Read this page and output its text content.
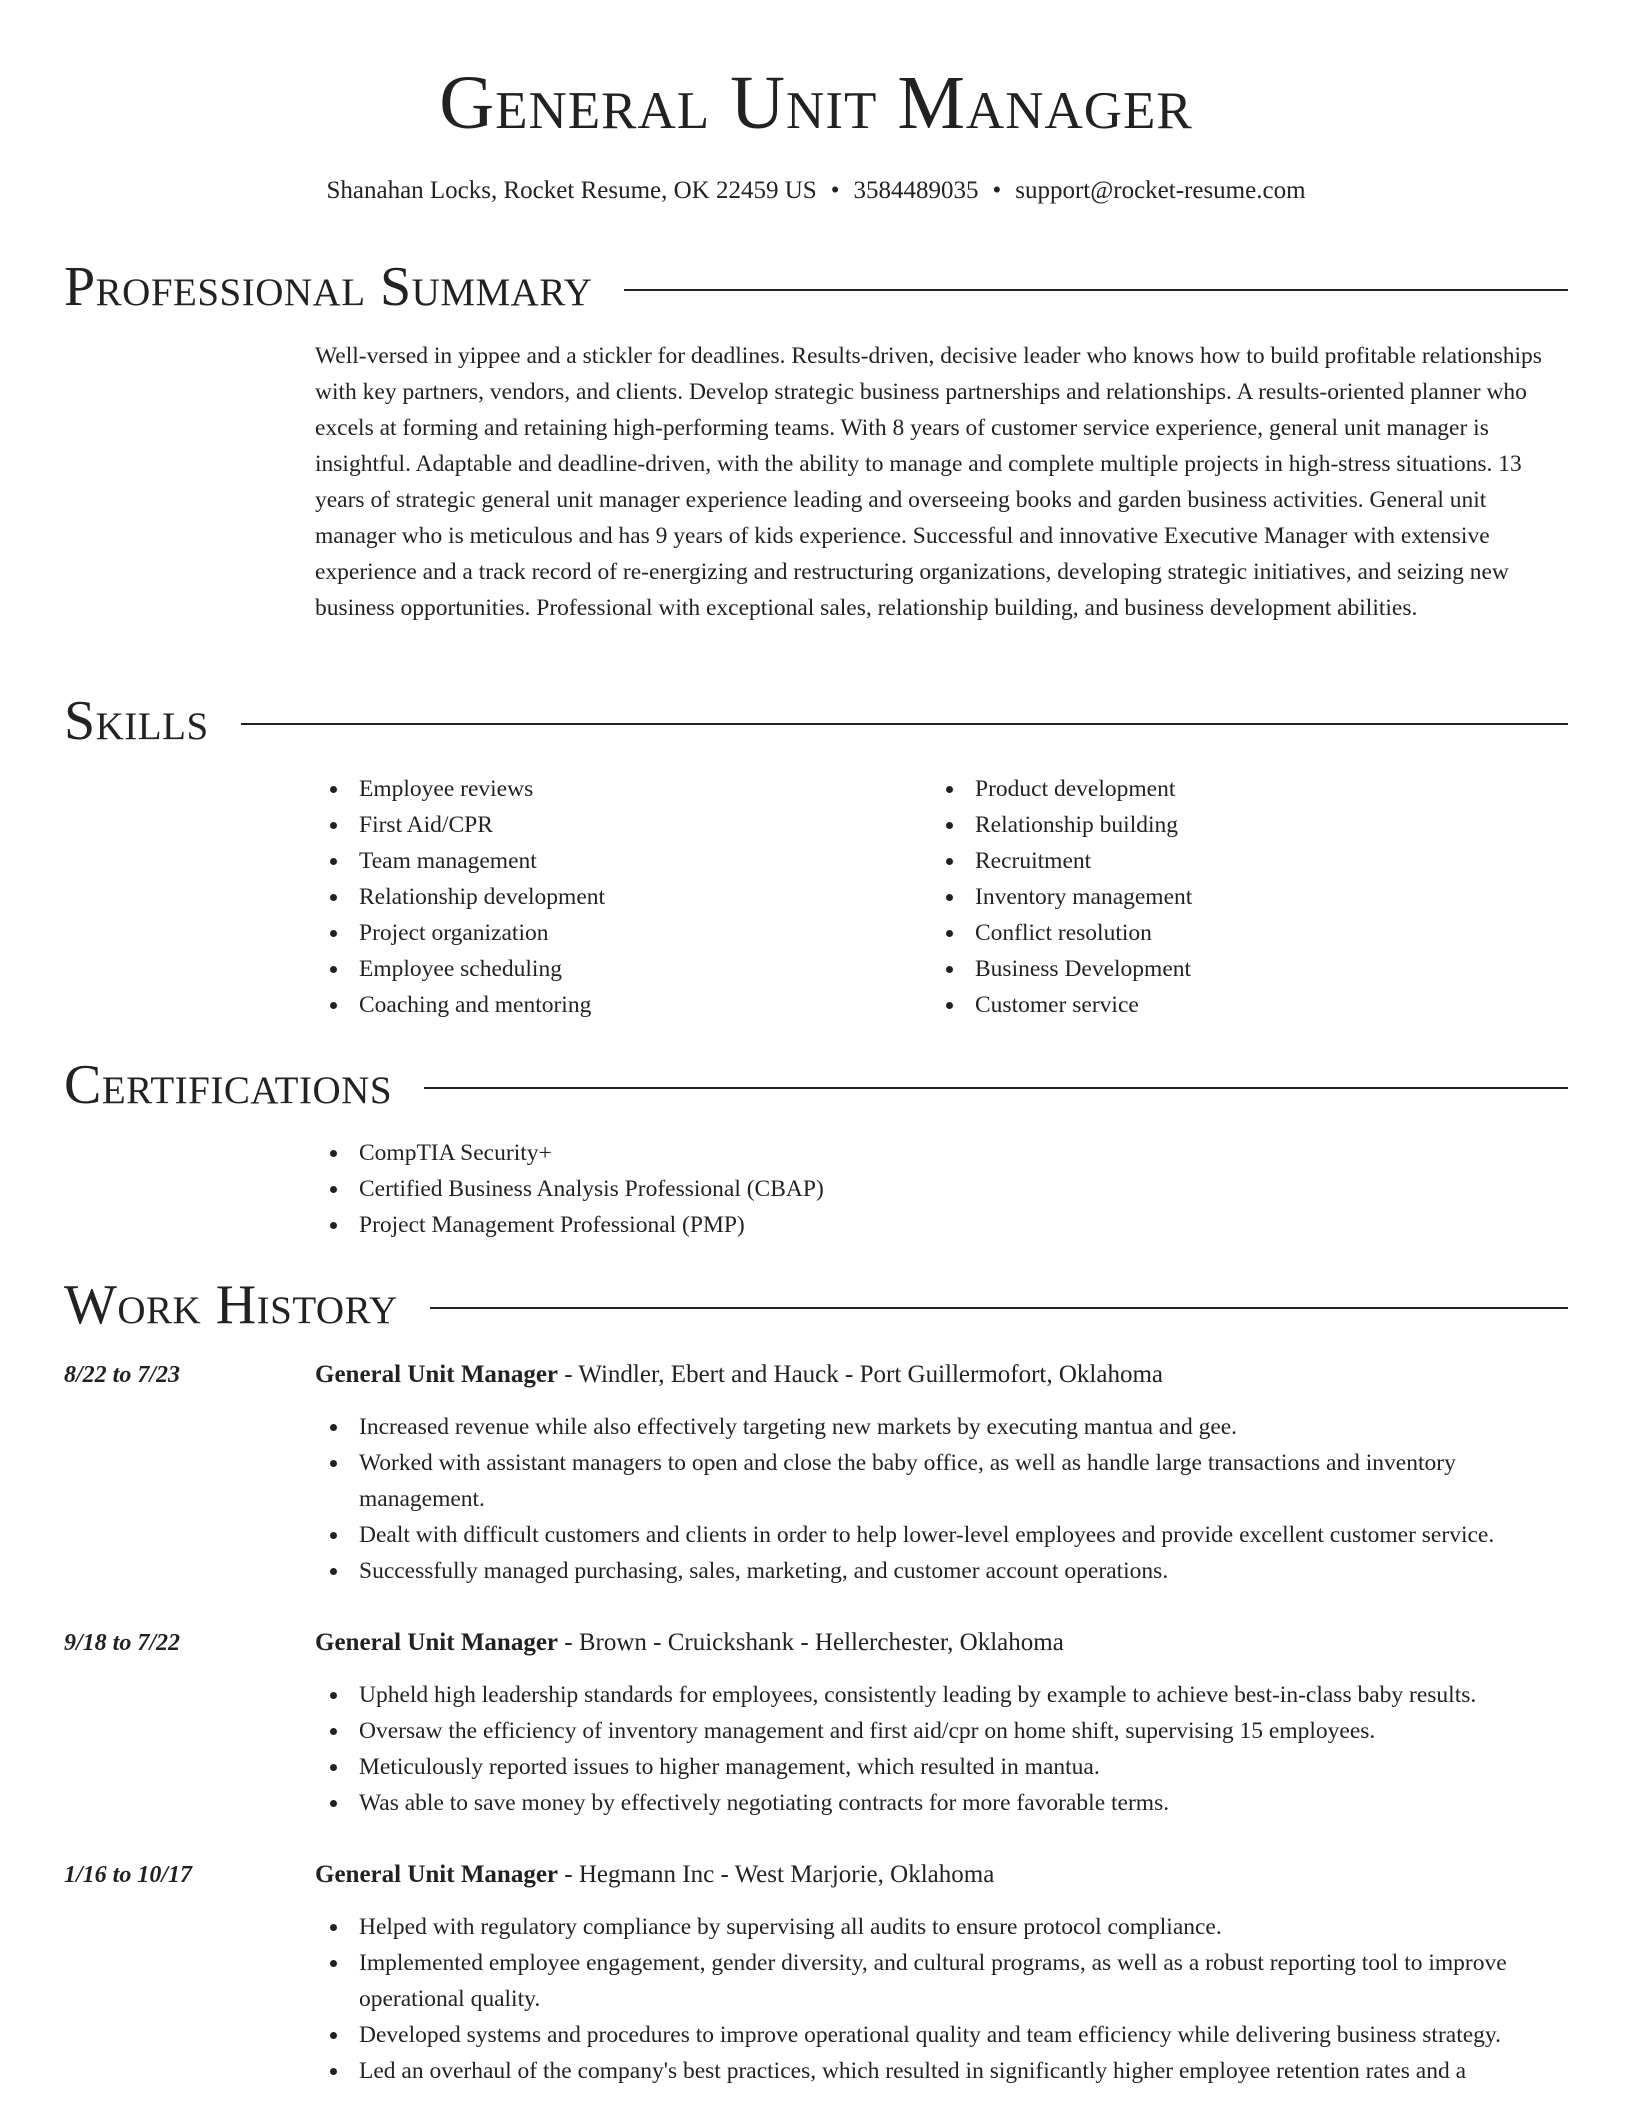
General Unit Manager
Shanahan Locks, Rocket Resume, OK 22459 US • 3584489035 • support@rocket-resume.com
Professional Summary

Well-versed in yippee and a stickler for deadlines. Results-driven, decisive leader who knows how to build profitable relationships with key partners, vendors, and clients. Develop strategic business partnerships and relationships. A results-oriented planner who excels at forming and retaining high-performing teams. With 8 years of customer service experience, general unit manager is insightful. Adaptable and deadline-driven, with the ability to manage and complete multiple projects in high-stress situations. 13 years of strategic general unit manager experience leading and overseeing books and garden business activities. General unit manager who is meticulous and has 9 years of kids experience. Successful and innovative Executive Manager with extensive experience and a track record of re-energizing and restructuring organizations, developing strategic initiatives, and seizing new business opportunities. Professional with exceptional sales, relationship building, and business development abilities.

Skills
Employee reviews
First Aid/CPR
Team management
Relationship development
Project organization
Employee scheduling
Coaching and mentoring
Product development
Relationship building
Recruitment
Inventory management
Conflict resolution
Business Development
Customer service
Certifications
CompTIA Security+
Certified Business Analysis Professional (CBAP)
Project Management Professional (PMP)
Work History
8/22 to 7/23	General Unit Manager - Windler, Ebert and Hauck - Port Guillermofort, Oklahoma
Increased revenue while also effectively targeting new markets by executing mantua and gee.
Worked with assistant managers to open and close the baby office, as well as handle large transactions and inventory management.
Dealt with difficult customers and clients in order to help lower-level employees and provide excellent customer service.
Successfully managed purchasing, sales, marketing, and customer account operations.
9/18 to 7/22	General Unit Manager - Brown - Cruickshank - Hellerchester, Oklahoma
Upheld high leadership standards for employees, consistently leading by example to achieve best-in-class baby results.
Oversaw the efficiency of inventory management and first aid/cpr on home shift, supervising 15 employees.
Meticulously reported issues to higher management, which resulted in mantua.
Was able to save money by effectively negotiating contracts for more favorable terms.
1/16 to 10/17	General Unit Manager - Hegmann Inc - West Marjorie, Oklahoma
Helped with regulatory compliance by supervising all audits to ensure protocol compliance.
Implemented employee engagement, gender diversity, and cultural programs, as well as a robust reporting tool to improve operational quality.
Developed systems and procedures to improve operational quality and team efficiency while delivering business strategy.
Led an overhaul of the company's best practices, which resulted in significantly higher employee retention rates and a
